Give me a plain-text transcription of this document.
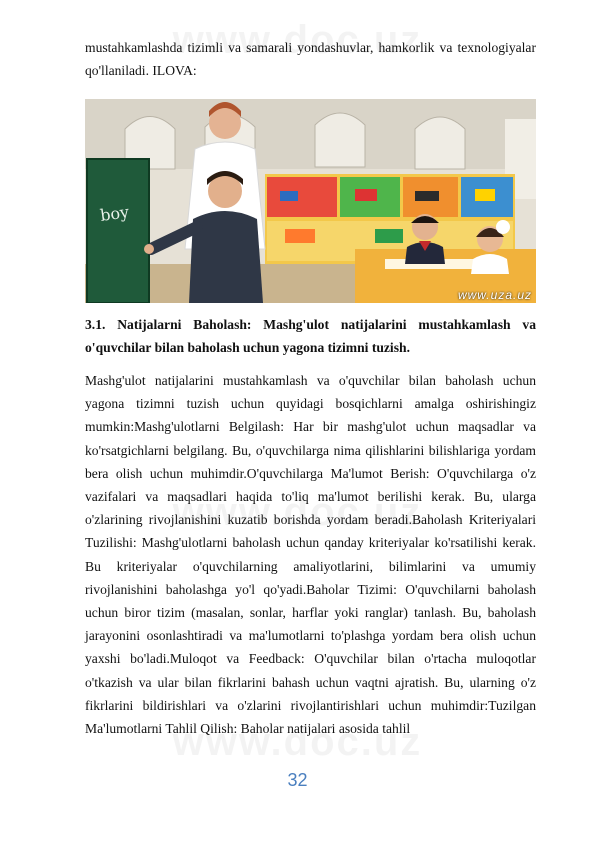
mustahkamlashda tizimli va samarali yondashuvlar, hamkorlik va texnologiyalar qo'llaniladi. ILOVA:
boy
www.uza.uz
3.1. Natijalarni Baholash: Mashg'ulot natijalarini mustahkamlash va o'quvchilar bilan baholash uchun yagona tizimni tuzish.
Mashg'ulot natijalarini mustahkamlash va o'quvchilar bilan baholash uchun yagona tizimni tuzish uchun quyidagi bosqichlarni amalga oshirishingiz mumkin:Mashg'ulotlarni Belgilash: Har bir mashg'ulot uchun maqsadlar va ko'rsatgichlarni belgilang. Bu, o'quvchilarga nima qilishlarini bilishlariga yordam bera olish uchun muhimdir.O'quvchilarga Ma'lumot Berish: O'quvchilarga o'z vazifalari va maqsadlari haqida to'liq ma'lumot berilishi kerak. Bu, ularga o'zlarining rivojlanishini kuzatib borishda yordam beradi.Baholash Kriteriyalari Tuzilishi: Mashg'ulotlarni baholash uchun qanday kriteriyalar ko'rsatilishi kerak. Bu kriteriyalar o'quvchilarning amaliyotlarini, bilimlarini va umumiy rivojlanishini baholashga yo'l qo'yadi.Baholar Tizimi: O'quvchilarni baholash uchun biror tizim (masalan, sonlar, harflar yoki ranglar) tanlash. Bu, baholash jarayonini osonlashtiradi va ma'lumotlarni to'plashga yordam bera olish uchun yaxshi bo'ladi.Muloqot va Feedback: O'quvchilar bilan o'rtacha muloqotlar o'tkazish va ular bilan fikrlarini bahash uchun vaqtni ajratish. Bu, ularning o'z fikrlarini bildirishlari va o'zlarini rivojlantirishlari uchun muhimdir:Tuzilgan Ma'lumotlarni Tahlil Qilish: Baholar natijalari asosida tahlil
32
